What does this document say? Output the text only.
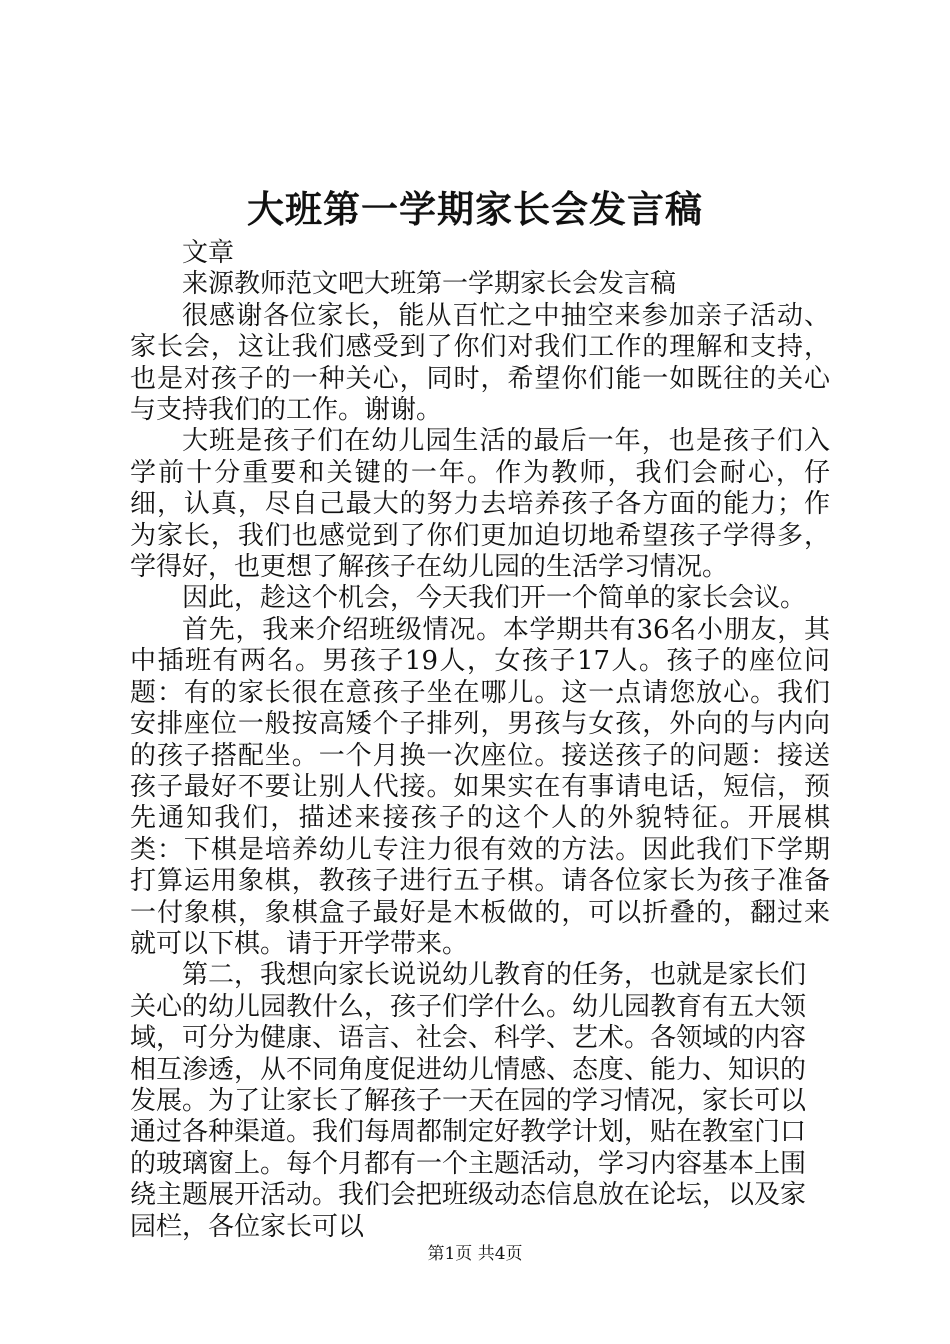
大班第一学期家长会发言稿

文章

来源教师范文吧大班第一学期家长会发言稿

很感谢各位家长，能从百忙之中抽空来参加亲子活动、家长会，这让我们感受到了你们对我们工作的理解和支持，也是对孩子的一种关心，同时，希望你们能一如既往的关心与支持我们的工作。谢谢。

大班是孩子们在幼儿园生活的最后一年，也是孩子们入学前十分重要和关键的一年。作为教师，我们会耐心，仔细，认真，尽自己最大的努力去培养孩子各方面的能力；作为家长，我们也感觉到了你们更加迫切地希望孩子学得多，学得好，也更想了解孩子在幼儿园的生活学习情况。

因此，趁这个机会，今天我们开一个简单的家长会议。

首先，我来介绍班级情况。本学期共有36名小朋友，其中插班有两名。男孩子19人，女孩子17人。孩子的座位问题：有的家长很在意孩子坐在哪儿。这一点请您放心。我们安排座位一般按高矮个子排列，男孩与女孩，外向的与内向的孩子搭配坐。一个月换一次座位。接送孩子的问题：接送孩子最好不要让别人代接。如果实在有事请电话，短信，预先通知我们，描述来接孩子的这个人的外貌特征。开展棋类：下棋是培养幼儿专注力很有效的方法。因此我们下学期打算运用象棋，教孩子进行五子棋。请各位家长为孩子准备一付象棋，象棋盒子最好是木板做的，可以折叠的，翻过来就可以下棋。请于开学带来。

第二，我想向家长说说幼儿教育的任务，也就是家长们关心的幼儿园教什么，孩子们学什么。幼儿园教育有五大领域，可分为健康、语言、社会、科学、艺术。各领域的内容相互渗透，从不同角度促进幼儿情感、态度、能力、知识的发展。为了让家长了解孩子一天在园的学习情况，家长可以通过各种渠道。我们每周都制定好教学计划，贴在教室门口的玻璃窗上。每个月都有一个主题活动，学习内容基本上围绕主题展开活动。我们会把班级动态信息放在论坛，以及家园栏，各位家长可以

第1页 共4页
